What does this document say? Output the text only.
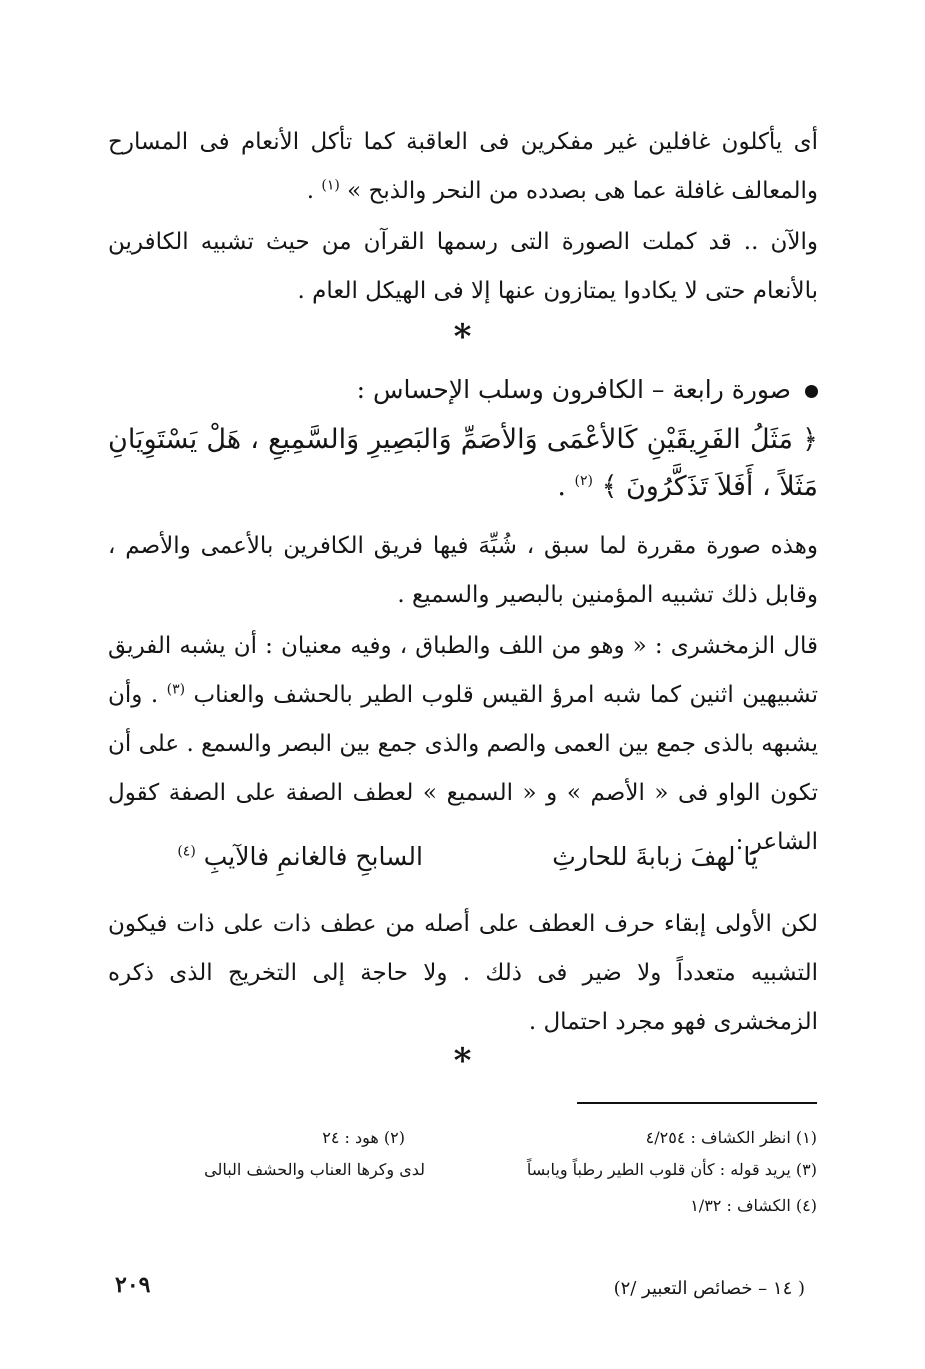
أى يأكلون غافلين غير مفكرين فى العاقبة كما تأكل الأنعام فى المسارح والمعالف غافلة عما هى بصدده من النحر والذبح » $^{(١)}$ .

والآن .. قد كملت الصورة التى رسمها القرآن من حيث تشبيه الكافرين بالأنعام حتى لا يكادوا يمتازون عنها إلا فى الهيكل العام .

*

صورة رابعة – الكافرون وسلب الإحساس :

﴿ مَثَلُ الفَرِيقَيْنِ كَالأعْمَى وَالأصَمِّ وَالبَصِيرِ وَالسَّمِيعِ ، هَلْ يَسْتَوِيَانِ مَثَلاً ، أَفَلاَ تَذَكَّرُونَ ﴾ $^{(٢)}$ .

وهذه صورة مقررة لما سبق ، شُبِّهَ فيها فريق الكافرين بالأعمى والأصم ، وقابل ذلك تشبيه المؤمنين بالبصير والسميع .

قال الزمخشرى : « وهو من اللف والطباق ، وفيه معنيان : أن يشبه الفريق تشبيهين اثنين كما شبه امرؤ القيس قلوب الطير بالحشف والعناب $^{(٣)}$ . وأن يشبهه بالذى جمع بين العمى والصم والذى جمع بين البصر والسمع . على أن تكون الواو فى « الأصم » و « السميع » لعطف الصفة على الصفة كقول الشاعر :

يَا لهفَ زبابةَ للحارثِ
السابحِ فالغانمِ فالآيبِ $^{(٤)}$

لكن الأولى إبقاء حرف العطف على أصله من عطف ذات على ذات فيكون التشبيه متعدداً ولا ضير فى ذلك . ولا حاجة إلى التخريج الذى ذكره الزمخشرى فهو مجرد احتمال .

*
(١) انظر الكشاف : ٤/٢٥٤
(٢) هود : ٢٤
(٣) يريد قوله : كأن قلوب الطير رطباً ويابساً
لدى وكرها العناب والحشف البالى
(٤) الكشاف : ١/٣٢
٢٠٩	( ١٤ – خصائص التعبير /٢)
